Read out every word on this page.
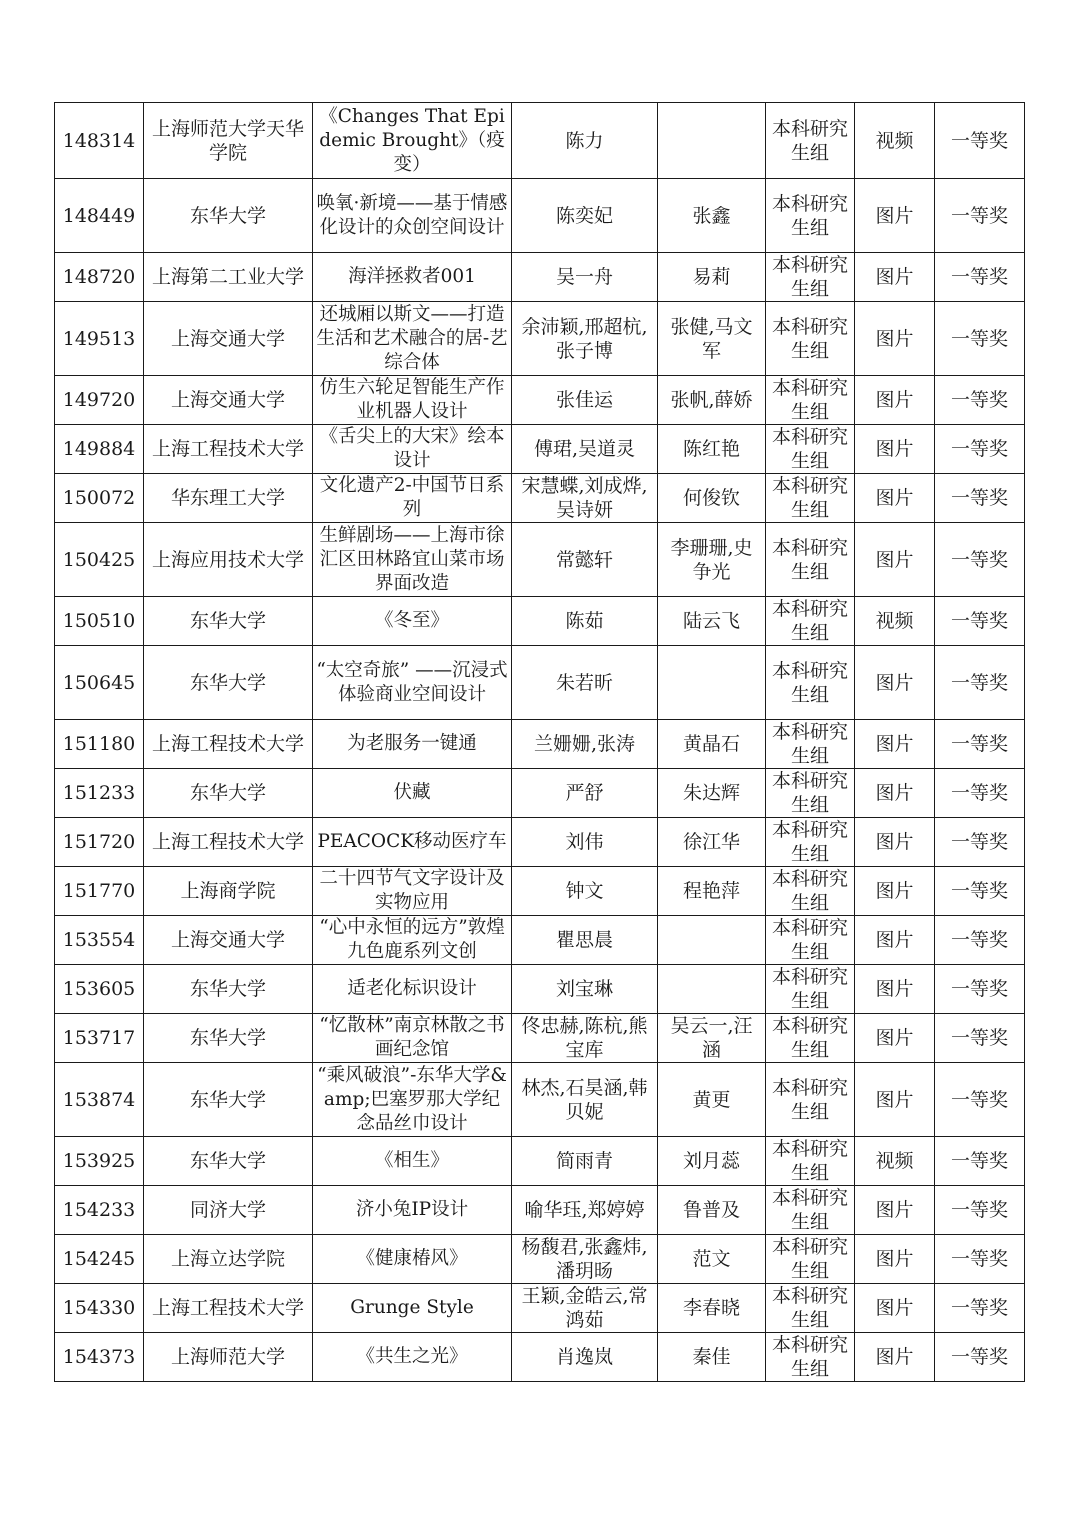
148314	上海师范大学天华学院	《Changes That Epidemic Brought》（疫变）	陈力		本科研究生组	视频	一等奖
148449	东华大学	唤氧·新境——基于情感化设计的众创空间设计	陈奕妃	张鑫	本科研究生组	图片	一等奖
148720	上海第二工业大学	海洋拯救者001	吴一舟	易莉	本科研究生组	图片	一等奖
149513	上海交通大学	还城厢以斯文——打造生活和艺术融合的居-艺综合体	余沛颖,邢超杭,张子博	张健,马文军	本科研究生组	图片	一等奖
149720	上海交通大学	仿生六轮足智能生产作业机器人设计	张佳运	张帆,薛娇	本科研究生组	图片	一等奖
149884	上海工程技术大学	《舌尖上的大宋》绘本设计	傅珺,吴道灵	陈红艳	本科研究生组	图片	一等奖
150072	华东理工大学	文化遗产2-中国节日系列	宋慧蝶,刘成烨,吴诗妍	何俊钦	本科研究生组	图片	一等奖
150425	上海应用技术大学	生鲜剧场——上海市徐汇区田林路宜山菜市场界面改造	常懿轩	李珊珊,史争光	本科研究生组	图片	一等奖
150510	东华大学	《冬至》	陈茹	陆云飞	本科研究生组	视频	一等奖
150645	东华大学	“太空奇旅” ——沉浸式体验商业空间设计	朱若昕		本科研究生组	图片	一等奖
151180	上海工程技术大学	为老服务一键通	兰姗姗,张涛	黄晶石	本科研究生组	图片	一等奖
151233	东华大学	伏藏	严舒	朱达辉	本科研究生组	图片	一等奖
151720	上海工程技术大学	PEACOCK移动医疗车	刘伟	徐江华	本科研究生组	图片	一等奖
151770	上海商学院	二十四节气文字设计及实物应用	钟文	程艳萍	本科研究生组	图片	一等奖
153554	上海交通大学	“心中永恒的远方”敦煌九色鹿系列文创	瞿思晨		本科研究生组	图片	一等奖
153605	东华大学	适老化标识设计	刘宝琳		本科研究生组	图片	一等奖
153717	东华大学	“忆散林”南京林散之书画纪念馆	佟忠赫,陈杭,熊宝库	吴云一,汪涵	本科研究生组	图片	一等奖
153874	东华大学	“乘风破浪”-东华大学&amp;巴塞罗那大学纪念品丝巾设计	林杰,石昊涵,韩贝妮	黄更	本科研究生组	图片	一等奖
153925	东华大学	《相生》	简雨青	刘月蕊	本科研究生组	视频	一等奖
154233	同济大学	济小兔IP设计	喻华珏,郑婷婷	鲁普及	本科研究生组	图片	一等奖
154245	上海立达学院	《健康椿风》	杨馥君,张鑫炜,潘玥旸	范文	本科研究生组	图片	一等奖
154330	上海工程技术大学	Grunge Style	王颖,金皓云,常鸿茹	李春晓	本科研究生组	图片	一等奖
154373	上海师范大学	《共生之光》	肖逸岚	秦佳	本科研究生组	图片	一等奖
